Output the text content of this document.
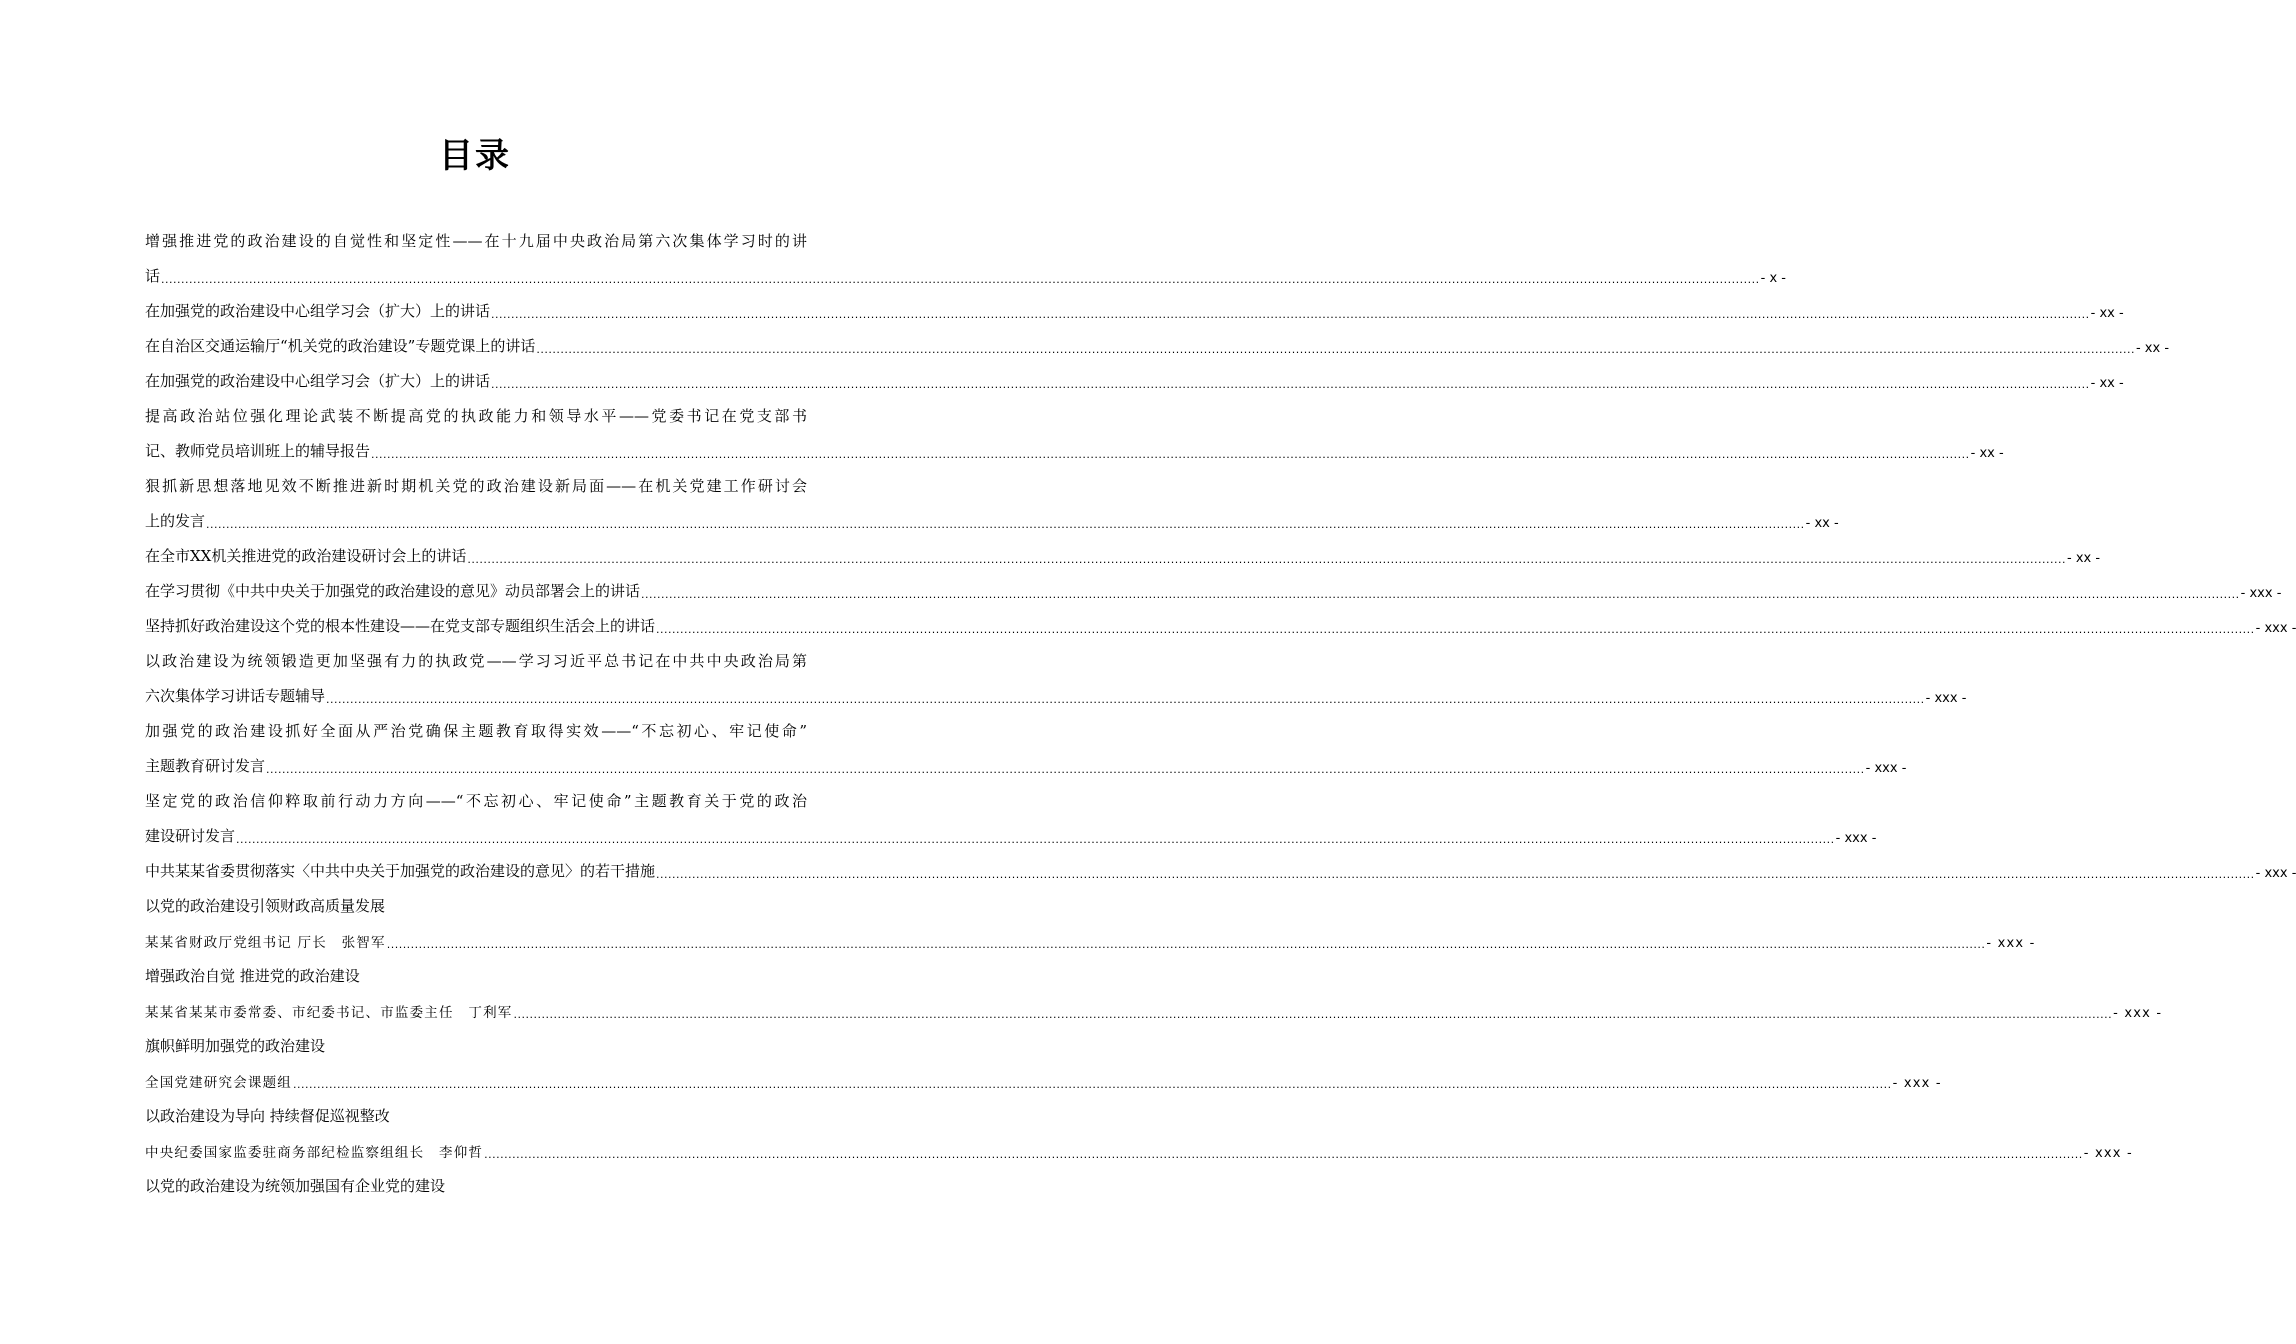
目录
增强推进党的政治建设的自觉性和坚定性——在十九届中央政治局第六次集体学习时的讲
话 ................................................................................................................................................................................................................................................................................................................................................................................................................ - x -
在加强党的政治建设中心组学习会（扩大）上的讲话 ................................................................................................................................................................................................................................................................................................................................................................................................................ - xx -
在自治区交通运输厅“机关党的政治建设”专题党课上的讲话 ................................................................................................................................................................................................................................................................................................................................................................................................................ - xx -
在加强党的政治建设中心组学习会（扩大）上的讲话 ................................................................................................................................................................................................................................................................................................................................................................................................................ - xx -
提高政治站位强化理论武装不断提高党的执政能力和领导水平——党委书记在党支部书
记、教师党员培训班上的辅导报告 ................................................................................................................................................................................................................................................................................................................................................................................................................ - xx -
狠抓新思想落地见效不断推进新时期机关党的政治建设新局面——在机关党建工作研讨会
上的发言 ................................................................................................................................................................................................................................................................................................................................................................................................................ - xx -
在全市XX机关推进党的政治建设研讨会上的讲话 ................................................................................................................................................................................................................................................................................................................................................................................................................ - xx -
在学习贯彻《中共中央关于加强党的政治建设的意见》动员部署会上的讲话 ................................................................................................................................................................................................................................................................................................................................................................................................................ - xxx -
坚持抓好政治建设这个党的根本性建设——在党支部专题组织生活会上的讲话 ................................................................................................................................................................................................................................................................................................................................................................................................................ - xxx -
以政治建设为统领锻造更加坚强有力的执政党——学习习近平总书记在中共中央政治局第
六次集体学习讲话专题辅导 ................................................................................................................................................................................................................................................................................................................................................................................................................ - xxx -
加强党的政治建设抓好全面从严治党确保主题教育取得实效——“不忘初心、牢记使命”
主题教育研讨发言 ................................................................................................................................................................................................................................................................................................................................................................................................................ - xxx -
坚定党的政治信仰粹取前行动力方向——“不忘初心、牢记使命”主题教育关于党的政治
建设研讨发言 ................................................................................................................................................................................................................................................................................................................................................................................................................ - xxx -
中共某某省委贯彻落实〈中共中央关于加强党的政治建设的意见〉的若干措施 ................................................................................................................................................................................................................................................................................................................................................................................................................ - xxx -
以党的政治建设引领财政高质量发展
某某省财政厅党组书记 厅长　张智军 ................................................................................................................................................................................................................................................................................................................................................................................................................ - xxx -
增强政治自觉 推进党的政治建设
某某省某某市委常委、市纪委书记、市监委主任　丁利军 ................................................................................................................................................................................................................................................................................................................................................................................................................ - xxx -
旗帜鲜明加强党的政治建设
全国党建研究会课题组 ................................................................................................................................................................................................................................................................................................................................................................................................................ - xxx -
以政治建设为导向 持续督促巡视整改
中央纪委国家监委驻商务部纪检监察组组长　李仰哲 ................................................................................................................................................................................................................................................................................................................................................................................................................ - xxx -
以党的政治建设为统领加强国有企业党的建设
